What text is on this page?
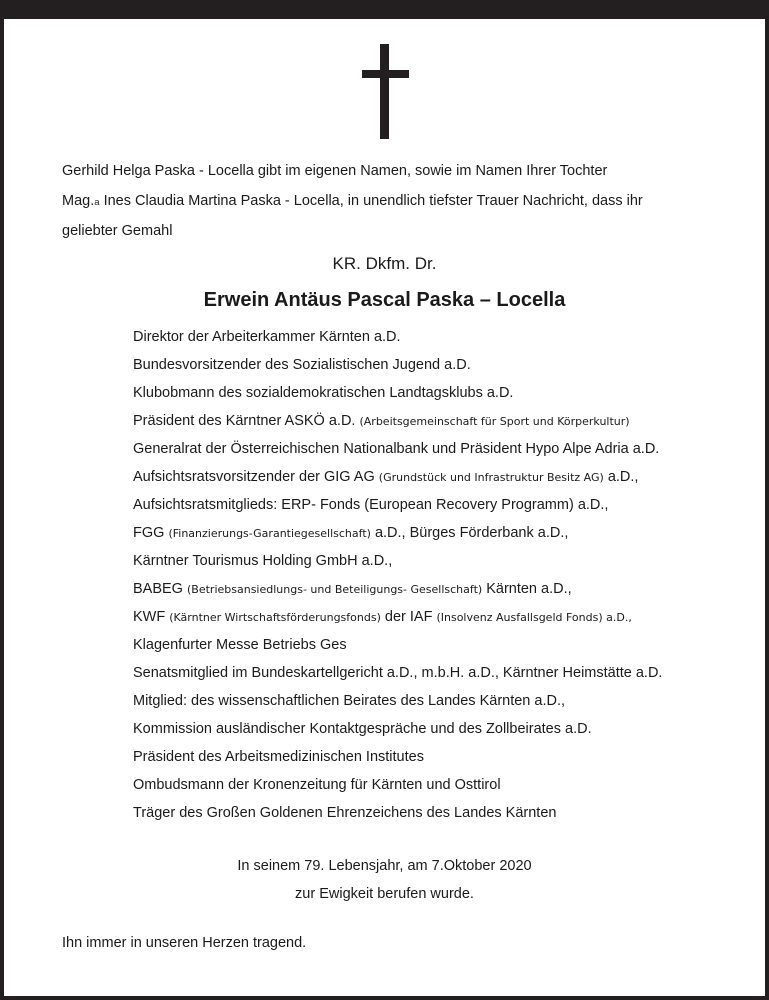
Gerhild Helga Paska - Locella gibt im eigenen Namen, sowie im Namen Ihrer Tochter
Mag.a Ines Claudia Martina Paska - Locella, in unendlich tiefster Trauer Nachricht, dass ihr
geliebter Gemahl
KR. Dkfm. Dr.
Erwein Antäus Pascal Paska – Locella
Direktor der Arbeiterkammer Kärnten a.D.
Bundesvorsitzender des Sozialistischen Jugend a.D.
Klubobmann des sozialdemokratischen Landtagsklubs a.D.
Präsident des Kärntner ASKÖ a.D. (Arbeitsgemeinschaft für Sport und Körperkultur)
Generalrat der Österreichischen Nationalbank und Präsident Hypo Alpe Adria a.D.
Aufsichtsratsvorsitzender der GIG AG (Grundstück und Infrastruktur Besitz AG) a.D.,
Aufsichtsratsmitglieds: ERP- Fonds (European Recovery Programm) a.D.,
FGG (Finanzierungs-Garantiegesellschaft) a.D., Bürges Förderbank a.D.,
Kärntner Tourismus Holding GmbH a.D.,
BABEG (Betriebsansiedlungs- und Beteiligungs- Gesellschaft) Kärnten a.D.,
KWF (Kärntner Wirtschaftsförderungsfonds) der IAF (Insolvenz Ausfallsgeld Fonds) a.D.,
Klagenfurter Messe Betriebs Ges
Senatsmitglied im Bundeskartellgericht a.D., m.b.H. a.D., Kärntner Heimstätte a.D.
Mitglied: des wissenschaftlichen Beirates des Landes Kärnten a.D.,
Kommission ausländischer Kontaktgespräche und des Zollbeirates a.D.
Präsident des Arbeitsmedizinischen Institutes
Ombudsmann der Kronenzeitung für Kärnten und Osttirol
Träger des Großen Goldenen Ehrenzeichens des Landes Kärnten
In seinem 79. Lebensjahr, am 7.Oktober 2020
zur Ewigkeit berufen wurde.
Ihn immer in unseren Herzen tragend.
